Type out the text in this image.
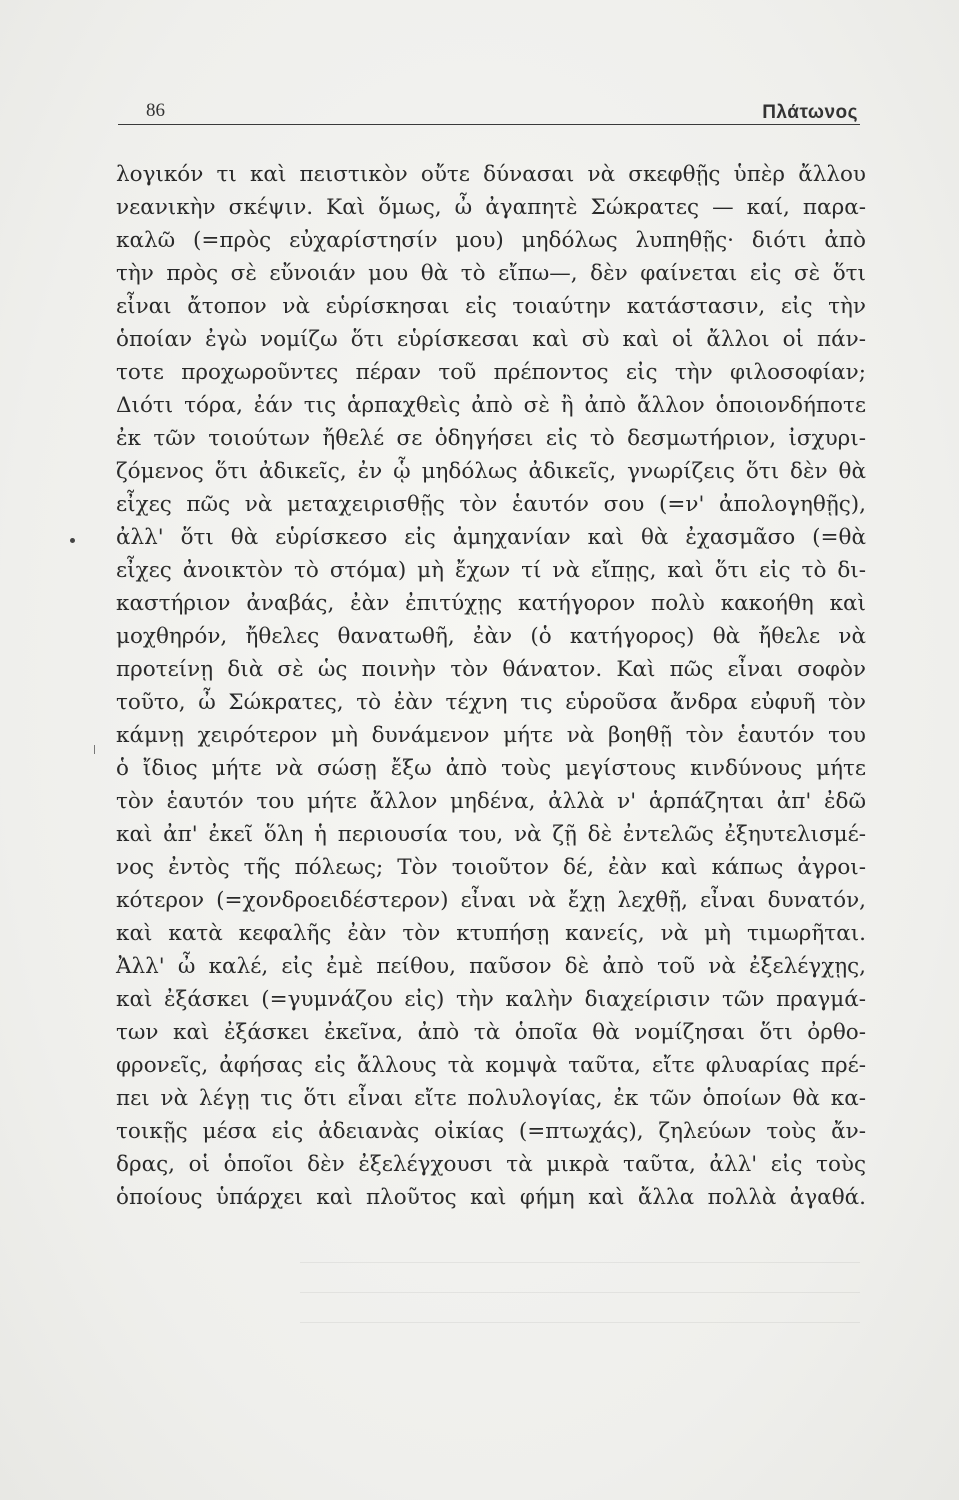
86	Πλάτωνος
λογικόν τι καὶ πειστικὸν οὔτε δύνασαι νὰ σκεφθῇς ὑπὲρ ἄλλου
νεανικὴν σκέψιν. Καὶ ὅμως, ὦ ἀγαπητὲ Σώκρατες — καί, παρα-
καλῶ (=πρὸς εὐχαρίστησίν μου) μηδόλως λυπηθῇς· διότι ἀπὸ
τὴν πρὸς σὲ εὔνοιάν μου θὰ τὸ εἴπω—, δὲν φαίνεται εἰς σὲ ὅτι
εἶναι ἄτοπον νὰ εὑρίσκησαι εἰς τοιαύτην κατάστασιν, εἰς τὴν
ὁποίαν ἐγὼ νομίζω ὅτι εὑρίσκεσαι καὶ σὺ καὶ οἱ ἄλλοι οἱ πάν-
τοτε προχωροῦντες πέραν τοῦ πρέποντος εἰς τὴν φιλοσοφίαν;
Διότι τόρα, ἐάν τις ἁρπαχθεὶς ἀπὸ σὲ ἢ ἀπὸ ἄλλον ὁποιονδήποτε
ἐκ τῶν τοιούτων ἤθελέ σε ὁδηγήσει εἰς τὸ δεσμωτήριον, ἰσχυρι-
ζόμενος ὅτι ἀδικεῖς, ἐν ᾧ μηδόλως ἀδικεῖς, γνωρίζεις ὅτι δὲν θὰ
εἶχες πῶς νὰ μεταχειρισθῇς τὸν ἑαυτόν σου (=ν' ἀπολογηθῇς),
ἀλλ' ὅτι θὰ εὑρίσκεσο εἰς ἀμηχανίαν καὶ θὰ ἐχασμᾶσο (=θὰ
εἶχες ἀνοικτὸν τὸ στόμα) μὴ ἔχων τί νὰ εἴπῃς, καὶ ὅτι εἰς τὸ δι-
καστήριον ἀναβάς, ἐὰν ἐπιτύχῃς κατήγορον πολὺ κακοήθη καὶ
μοχθηρόν, ἤθελες θανατωθῆ, ἐὰν (ὁ κατήγορος) θὰ ἤθελε νὰ
προτείνῃ διὰ σὲ ὡς ποινὴν τὸν θάνατον. Καὶ πῶς εἶναι σοφὸν
τοῦτο, ὦ Σώκρατες, τὸ ἐὰν τέχνη τις εὑροῦσα ἄνδρα εὐφυῆ τὸν
κάμνῃ χειρότερον μὴ δυνάμενον μήτε νὰ βοηθῇ τὸν ἑαυτόν του
ὁ ἴδιος μήτε νὰ σώσῃ ἔξω ἀπὸ τοὺς μεγίστους κινδύνους μήτε
τὸν ἑαυτόν του μήτε ἄλλον μηδένα, ἀλλὰ ν' ἁρπάζηται ἀπ' ἐδῶ
καὶ ἀπ' ἐκεῖ ὅλη ἡ περιουσία του, νὰ ζῇ δὲ ἐντελῶς ἐξηυτελισμέ-
νος ἐντὸς τῆς πόλεως; Τὸν τοιοῦτον δέ, ἐὰν καὶ κάπως ἀγροι-
κότερον (=χονδροειδέστερον) εἶναι νὰ ἔχῃ λεχθῇ, εἶναι δυνατόν,
καὶ κατὰ κεφαλῆς ἐὰν τὸν κτυπήσῃ κανείς, νὰ μὴ τιμωρῆται.
Ἀλλ' ὦ καλέ, εἰς ἐμὲ πείθου, παῦσον δὲ ἀπὸ τοῦ νὰ ἐξελέγχῃς,
καὶ ἐξάσκει (=γυμνάζου εἰς) τὴν καλὴν διαχείρισιν τῶν πραγμά-
των καὶ ἐξάσκει ἐκεῖνα, ἀπὸ τὰ ὁποῖα θὰ νομίζησαι ὅτι ὀρθο-
φρονεῖς, ἀφήσας εἰς ἄλλους τὰ κομψὰ ταῦτα, εἴτε φλυαρίας πρέ-
πει νὰ λέγῃ τις ὅτι εἶναι εἴτε πολυλογίας, ἐκ τῶν ὁποίων θὰ κα-
τοικῇς μέσα εἰς ἀδειανὰς οἰκίας (=πτωχάς), ζηλεύων τοὺς ἄν-
δρας, οἱ ὁποῖοι δὲν ἐξελέγχουσι τὰ μικρὰ ταῦτα, ἀλλ' εἰς τοὺς
ὁποίους ὑπάρχει καὶ πλοῦτος καὶ φήμη καὶ ἄλλα πολλὰ ἀγαθά.
